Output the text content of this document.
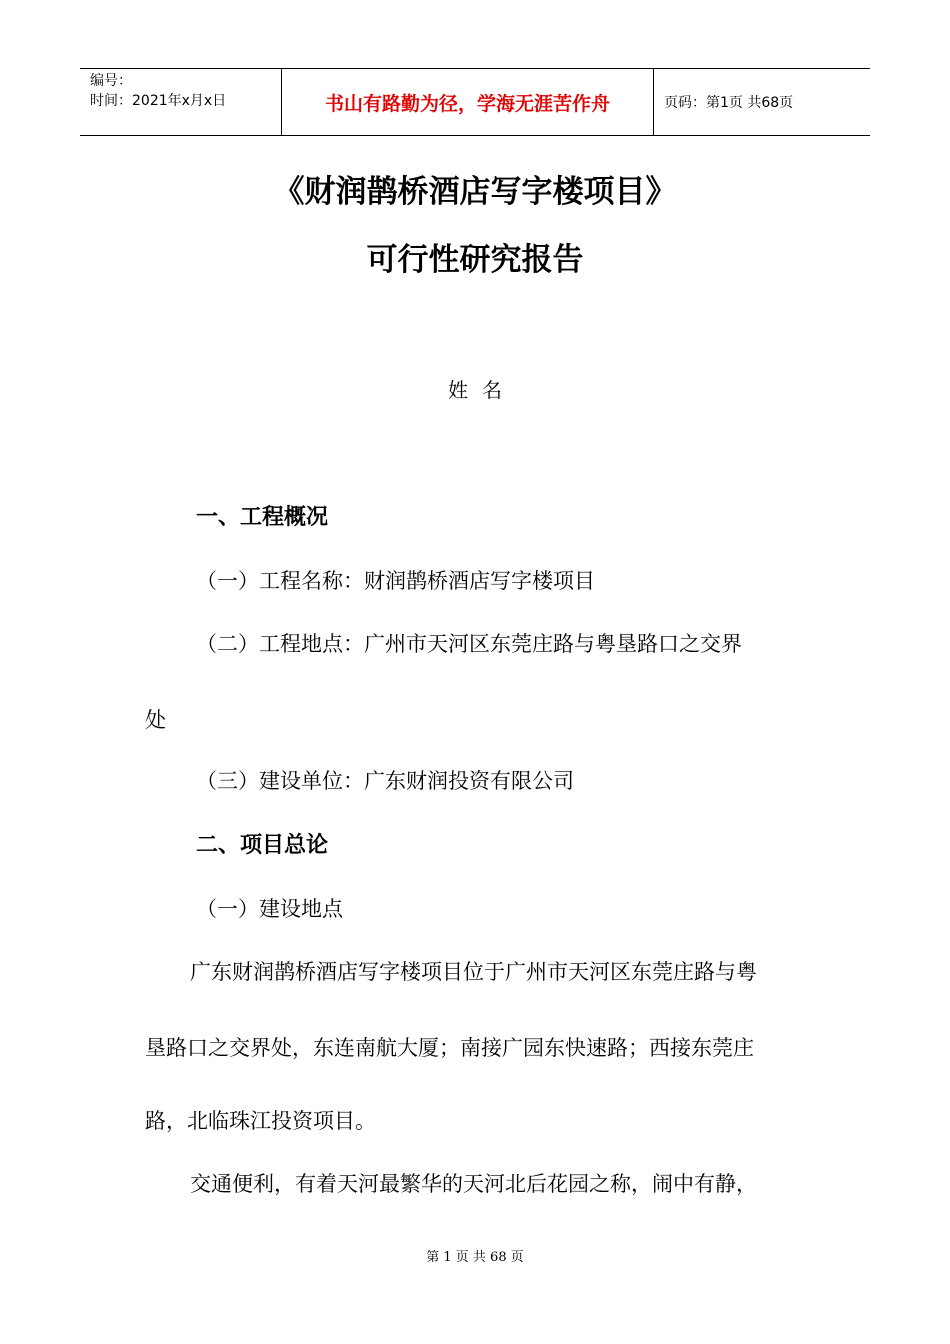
编号：
时间：2021年x月x日	书山有路勤为径，学海无涯苦作舟	页码：第1页 共68页
《财润鹊桥酒店写字楼项目》
可行性研究报告
姓名
一、工程概况
（一）工程名称：财润鹊桥酒店写字楼项目
（二）工程地点：广州市天河区东莞庄路与粤垦路口之交界
处
（三）建设单位：广东财润投资有限公司
二、项目总论
（一）建设地点
广东财润鹊桥酒店写字楼项目位于广州市天河区东莞庄路与粤
垦路口之交界处，东连南航大厦；南接广园东快速路；西接东莞庄
路，北临珠江投资项目。
交通便利，有着天河最繁华的天河北后花园之称，闹中有静，
第 1 页 共 68 页
